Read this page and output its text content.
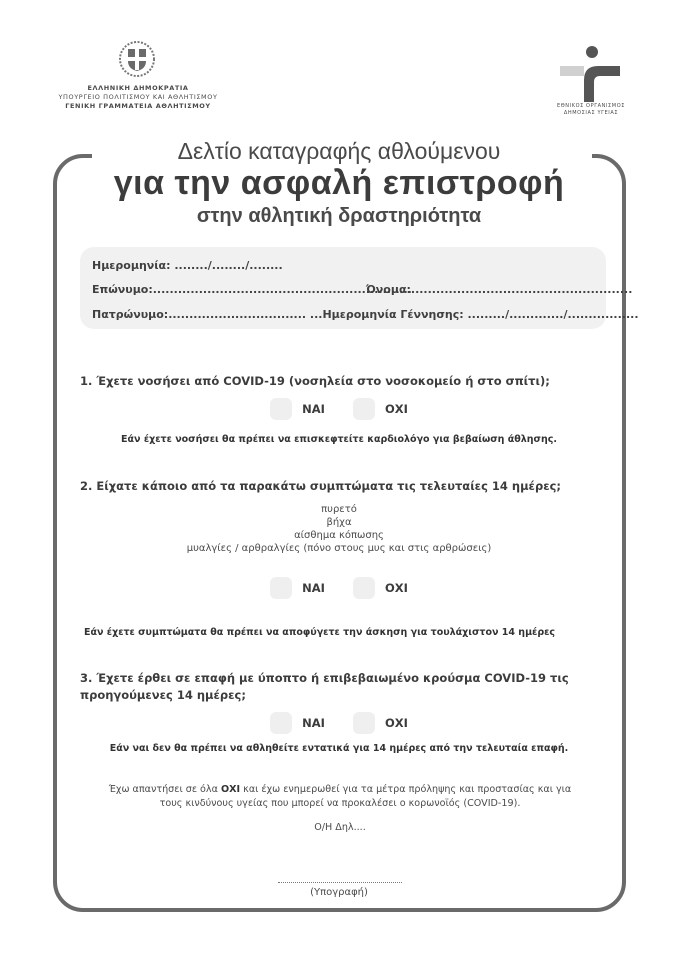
ΕΛΛΗΝΙΚΗ ΔΗΜΟΚΡΑΤΙΑ
ΥΠΟΥΡΓΕΙΟ ΠΟΛΙΤΙΣΜΟΥ ΚΑΙ ΑΘΛΗΤΙΣΜΟΥ
ΓΕΝΙΚΗ ΓΡΑΜΜΑΤΕΙΑ ΑΘΛΗΤΙΣΜΟΥ	ΕΘΝΙΚΟΣ ΟΡΓΑΝΙΣΜΟΣ
ΔΗΜΟΣΙΑΣ ΥΓΕΙΑΣ
Δελτίο καταγραφής αθλούμενου
για την ασφαλή επιστροφή
στην αθλητική δραστηριότητα
Ημερομηνία: ......../......../........
Επώνυμο:..............................................................
Όνομα:.....................................................
Πατρώνυμο:................................. ...Ημερομηνία Γέννησης: ........./............./.................
1. Έχετε νοσήσει από COVID-19 (νοσηλεία στο νοσοκομείο ή στο σπίτι);
ΝΑΙ	ΟΧΙ
Εάν έχετε νοσήσει θα πρέπει να επισκεφτείτε καρδιολόγο για βεβαίωση άθλησης.
2. Είχατε κάποιο από τα παρακάτω συμπτώματα τις τελευταίες 14 ημέρες;
πυρετό
βήχα
αίσθημα κόπωσης
μυαλγίες / αρθραλγίες (πόνο στους μυς και στις αρθρώσεις)
ΝΑΙ	ΟΧΙ
Εάν έχετε συμπτώματα θα πρέπει να αποφύγετε την άσκηση για τουλάχιστον 14 ημέρες
3. Έχετε έρθει σε επαφή με ύποπτο ή επιβεβαιωμένο κρούσμα COVID-19 τις
προηγούμενες 14 ημέρες;
ΝΑΙ	ΟΧΙ
Εάν ναι δεν θα πρέπει να αθληθείτε εντατικά για 14 ημέρες από την τελευταία επαφή.
Έχω απαντήσει σε όλα ΟΧΙ και έχω ενημερωθεί για τα μέτρα πρόληψης και προστασίας και για
τους κινδύνους υγείας που μπορεί να προκαλέσει ο κορωνοϊός (COVID-19).
Ο/Η Δηλ....
(Υπογραφή)
